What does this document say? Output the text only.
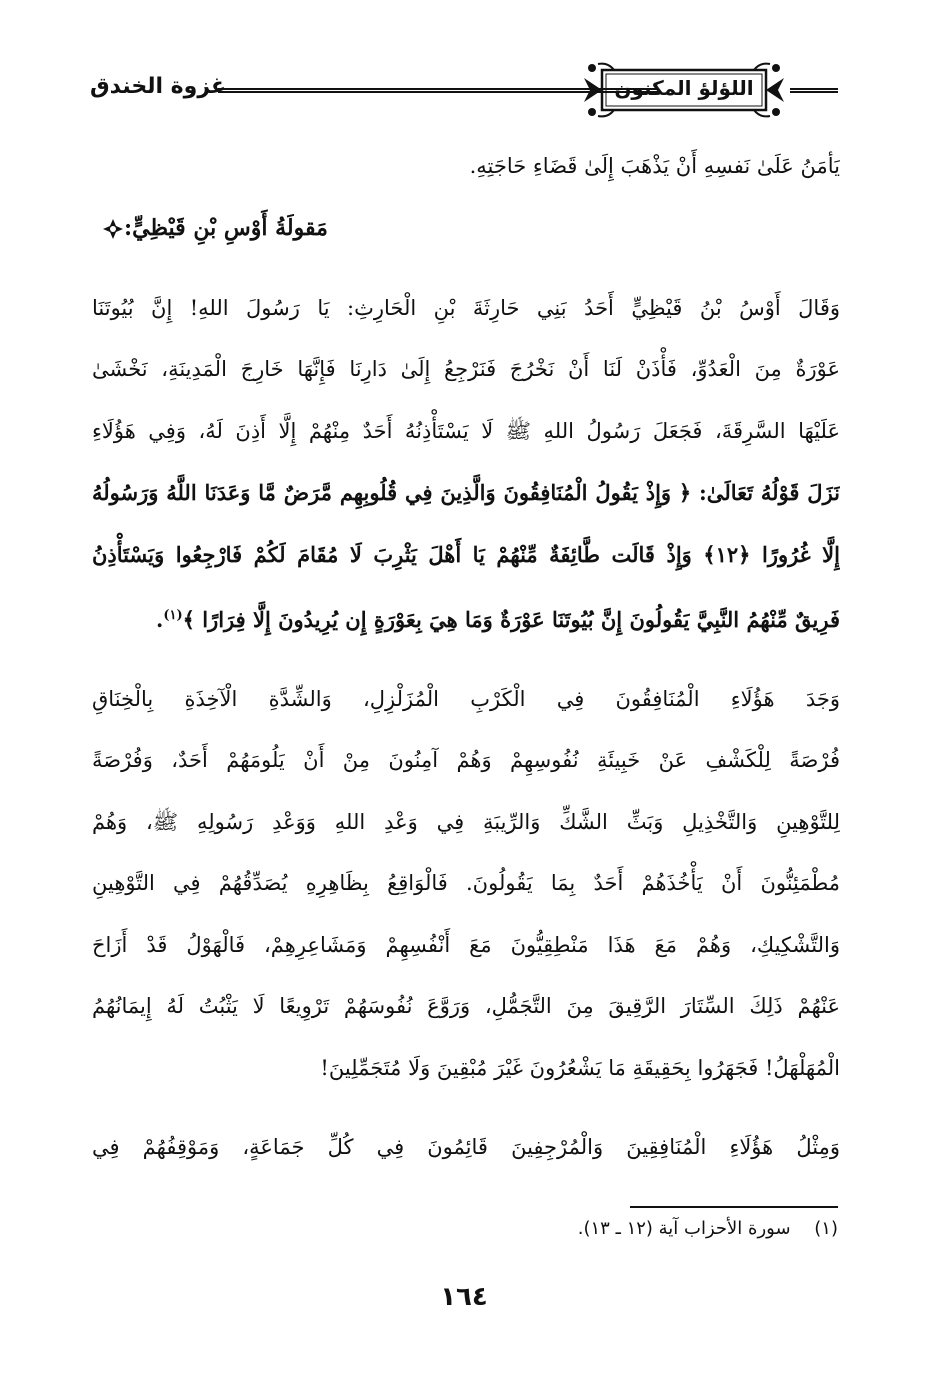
غزوة الخندق	اللؤلؤ المكنون
يَأمَنُ عَلَىٰ نَفسِهِ أَنْ يَذْهَبَ إِلَىٰ قَضَاءِ حَاجَتِهِ.
مَقولَةُ أَوْسِ بْنِ قَيْظِيٍّ:
وَقَالَ أَوْسُ بْنُ قَيْظِيٍّ أَحَدُ بَنِي حَارِثَةَ بْنِ الْحَارِثِ: يَا رَسُولَ اللهِ! إِنَّ بُيُوتَنَا
عَوْرَةٌ مِنَ الْعَدُوِّ، فَأْذَنْ لَنَا أَنْ نَخْرُجَ فَنَرْجِعُ إِلَىٰ دَارِنَا فَإِنَّهَا خَارِجَ الْمَدِينَةِ، نَخْشَىٰ
عَلَيْهَا السَّرِقَةَ، فَجَعَلَ رَسُولُ اللهِ ﷺ لَا يَسْتَأْذِنُهُ أَحَدٌ مِنْهُمْ إِلَّا أَذِنَ لَهُ، وَفِي هَؤُلَاءِ
نَزَلَ قَوْلُهُ تَعَالَىٰ: ﴿ وَإِذْ يَقُولُ الْمُنَافِقُونَ وَالَّذِينَ فِي قُلُوبِهِم مَّرَضٌ مَّا وَعَدَنَا اللَّهُ وَرَسُولُهُ
إِلَّا غُرُورًا ﴿١٢﴾ وَإِذْ قَالَت طَّائِفَةٌ مِّنْهُمْ يَا أَهْلَ يَثْرِبَ لَا مُقَامَ لَكُمْ فَارْجِعُوا وَيَسْتَأْذِنُ
فَرِيقٌ مِّنْهُمُ النَّبِيَّ يَقُولُونَ إِنَّ بُيُوتَنَا عَوْرَةٌ وَمَا هِيَ بِعَوْرَةٍ إِن يُرِيدُونَ إِلَّا فِرَارًا ﴾$^{(١)}$.
وَجَدَ هَؤُلَاءِ الْمُنَافِقُونَ فِي الْكَرْبِ الْمُزَلْزِلِ، وَالشِّدَّةِ الْآخِذَةِ بِالْخِنَاقِ
فُرْصَةً لِلْكَشْفِ عَنْ خَبِيئَةِ نُفُوسِهِمْ وَهُمْ آمِنُونَ مِنْ أَنْ يَلُومَهُمْ أَحَدٌ، وَفُرْصَةً
لِلتَّوْهِينِ وَالتَّخْذِيلِ وَبَثِّ الشَّكِّ وَالرِّيبَةِ فِي وَعْدِ اللهِ وَوَعْدِ رَسُولِهِ ﷺ، وَهُمْ
مُطْمَئِنُّونَ أَنْ يَأْخُذَهُمْ أَحَدٌ بِمَا يَقُولُونَ. فَالْوَاقِعُ بِظَاهِرِهِ يُصَدِّقُهُمْ فِي التَّوْهِينِ
وَالتَّشْكِيكِ، وَهُمْ مَعَ هَذَا مَنْطِقِيُّونَ مَعَ أَنْفُسِهِمْ وَمَشَاعِرِهِمْ، فَالْهَوْلُ قَدْ أَزَاحَ
عَنْهُمْ ذَلِكَ السِّتَارَ الرَّقِيقَ مِنَ التَّجَمُّلِ، وَرَوَّعَ نُفُوسَهُمْ تَرْوِيعًا لَا يَثْبُتُ لَهُ إِيمَانُهُمُ
الْمُهَلْهَلُ! فَجَهَرُوا بِحَقِيقَةِ مَا يَشْعُرُونَ غَيْرَ مُبْقِينَ وَلَا مُتَجَمِّلِينَ!
وَمِثْلُ هَؤُلَاءِ الْمُنَافِقِينَ وَالْمُرْجِفِينَ قَائِمُونَ فِي كُلِّ جَمَاعَةٍ، وَمَوْقِفُهُمْ فِي
(١) سورة الأحزاب آية (١٢ ـ ١٣).
١٦٤
